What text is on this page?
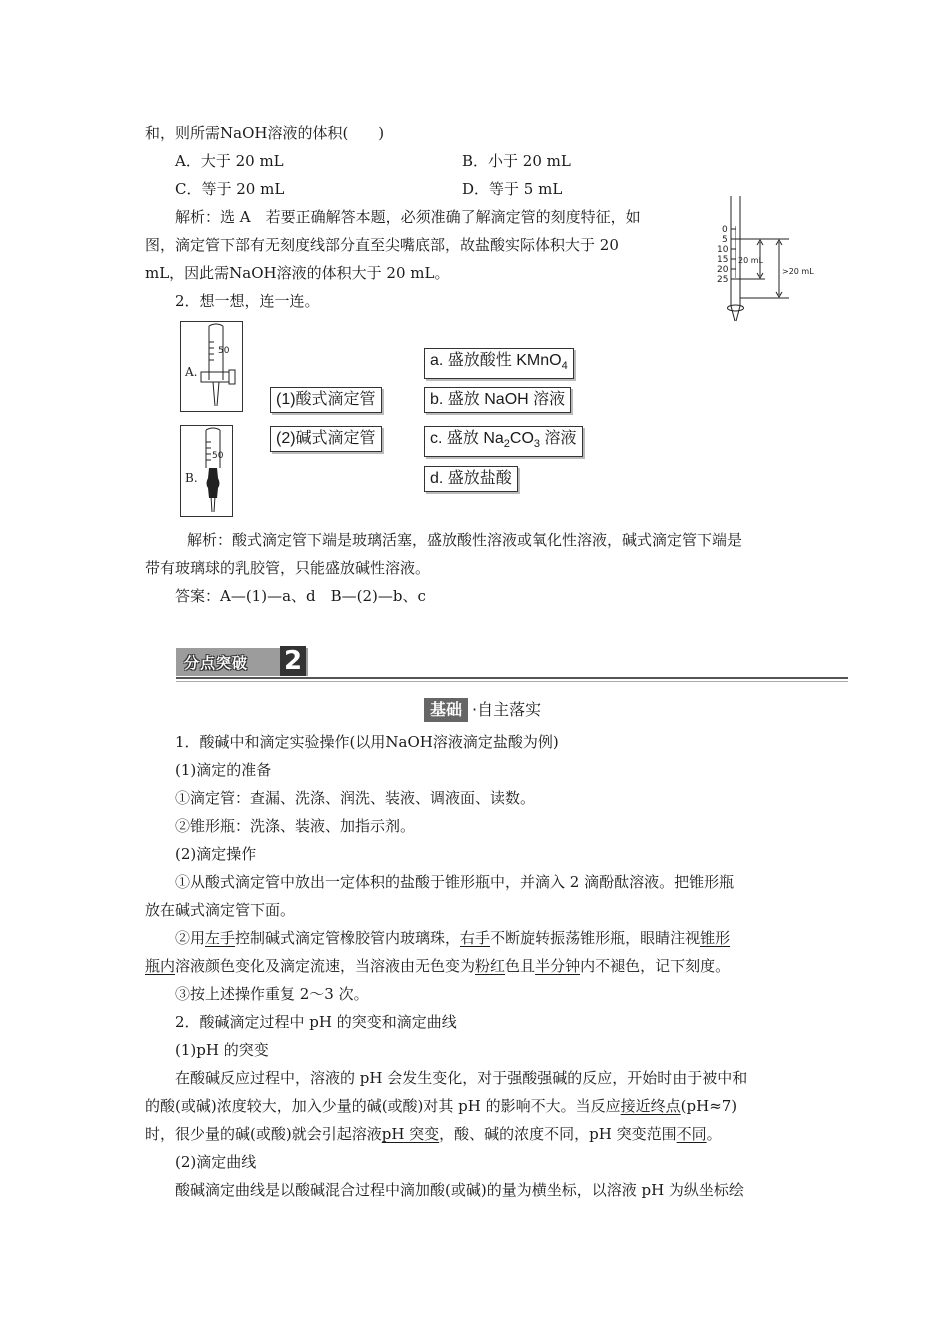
和，则所需NaOH溶液的体积(　　)
A．大于 20 mL	B．小于 20 mL
C．等于 20 mL	D．等于 5 mL
解析：选 A　若要正确解答本题，必须准确了解滴定管的刻度特征，如
图，滴定管下部有无刻度线部分直至尖嘴底部，故盐酸实际体积大于 20
mL，因此需NaOH溶液的体积大于 20 mL。
0
5
10
15
20
25
20 mL
>20 mL
2．想一想，连一连。
50
A.
50
B.
(1)酸式滴定管
(2)碱式滴定管
a. 盛放酸性 KMnO$_4$
b. 盛放 NaOH 溶液
c. 盛放 $Na_2CO_3$ 溶液
d. 盛放盐酸
解析：酸式滴定管下端是玻璃活塞，盛放酸性溶液或氧化性溶液，碱式滴定管下端是
带有玻璃球的乳胶管，只能盛放碱性溶液。
答案：A—(1)—a、d　B—(2)—b、c
分点突破 2
基础 ·自主落实
1．酸碱中和滴定实验操作(以用NaOH溶液滴定盐酸为例)
(1)滴定的准备
①滴定管：查漏、洗涤、润洗、装液、调液面、读数。
②锥形瓶：洗涤、装液、加指示剂。
(2)滴定操作
①从酸式滴定管中放出一定体积的盐酸于锥形瓶中，并滴入 2 滴酚酞溶液。把锥形瓶
放在碱式滴定管下面。
②用左手控制碱式滴定管橡胶管内玻璃珠，右手不断旋转振荡锥形瓶，眼睛注视锥形
瓶内溶液颜色变化及滴定流速，当溶液由无色变为粉红色且半分钟内不褪色，记下刻度。
③按上述操作重复 2～3 次。
2．酸碱滴定过程中 pH 的突变和滴定曲线
(1)pH 的突变
在酸碱反应过程中，溶液的 pH 会发生变化，对于强酸强碱的反应，开始时由于被中和
的酸(或碱)浓度较大，加入少量的碱(或酸)对其 pH 的影响不大。当反应接近终点(pH≈7)
时，很少量的碱(或酸)就会引起溶液pH 突变，酸、碱的浓度不同，pH 突变范围不同。
(2)滴定曲线
酸碱滴定曲线是以酸碱混合过程中滴加酸(或碱)的量为横坐标，以溶液 pH 为纵坐标绘
